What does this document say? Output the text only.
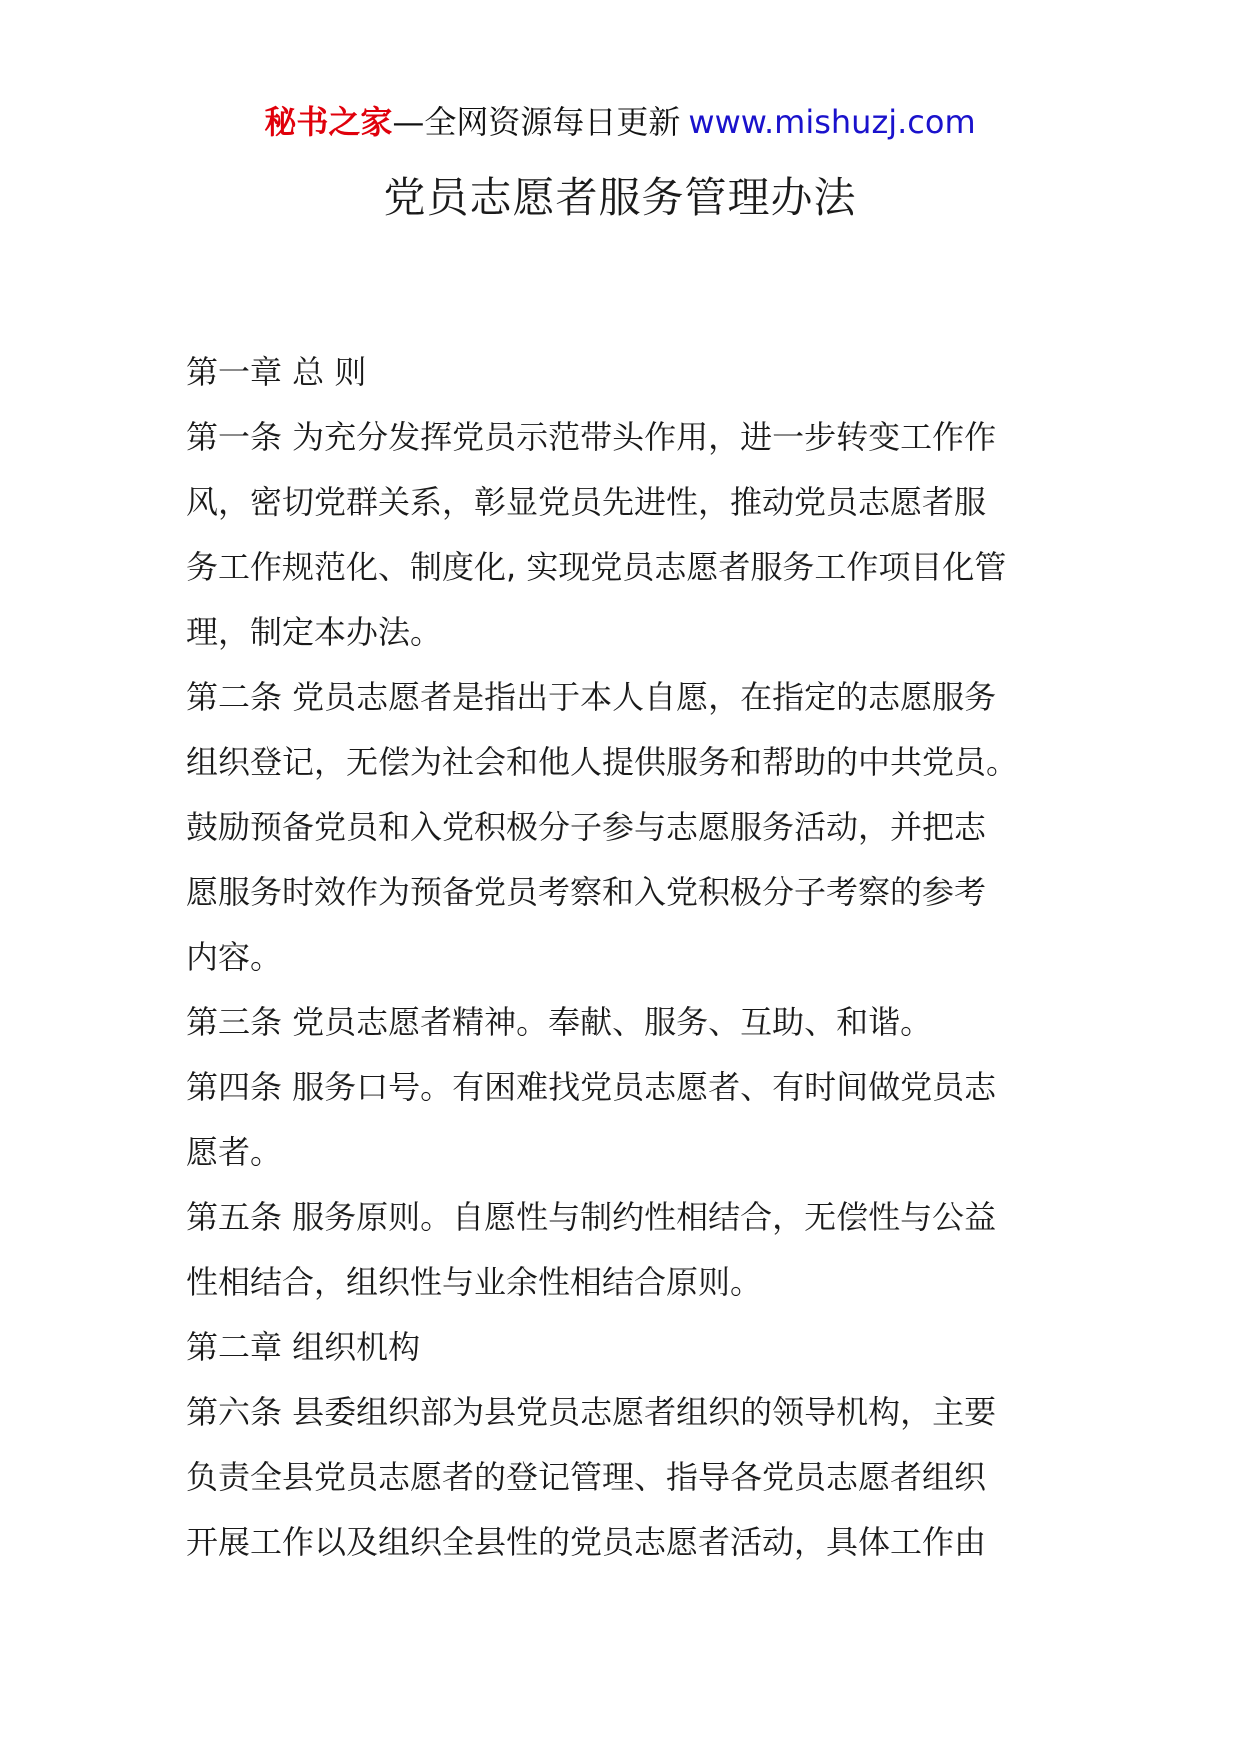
秘书之家—全网资源每日更新 www.mishuzj.com
党员志愿者服务管理办法
第一章 总 则
第一条 为充分发挥党员示范带头作用，进一步转变工作作
风，密切党群关系，彰显党员先进性，推动党员志愿者服
务工作规范化、制度化, 实现党员志愿者服务工作项目化管
理，制定本办法。
第二条 党员志愿者是指出于本人自愿，在指定的志愿服务
组织登记，无偿为社会和他人提供服务和帮助的中共党员。
鼓励预备党员和入党积极分子参与志愿服务活动，并把志
愿服务时效作为预备党员考察和入党积极分子考察的参考
内容。
第三条 党员志愿者精神。奉献、服务、互助、和谐。
第四条 服务口号。有困难找党员志愿者、有时间做党员志
愿者。
第五条 服务原则。自愿性与制约性相结合，无偿性与公益
性相结合，组织性与业余性相结合原则。
第二章 组织机构
第六条 县委组织部为县党员志愿者组织的领导机构，主要
负责全县党员志愿者的登记管理、指导各党员志愿者组织
开展工作以及组织全县性的党员志愿者活动，具体工作由
